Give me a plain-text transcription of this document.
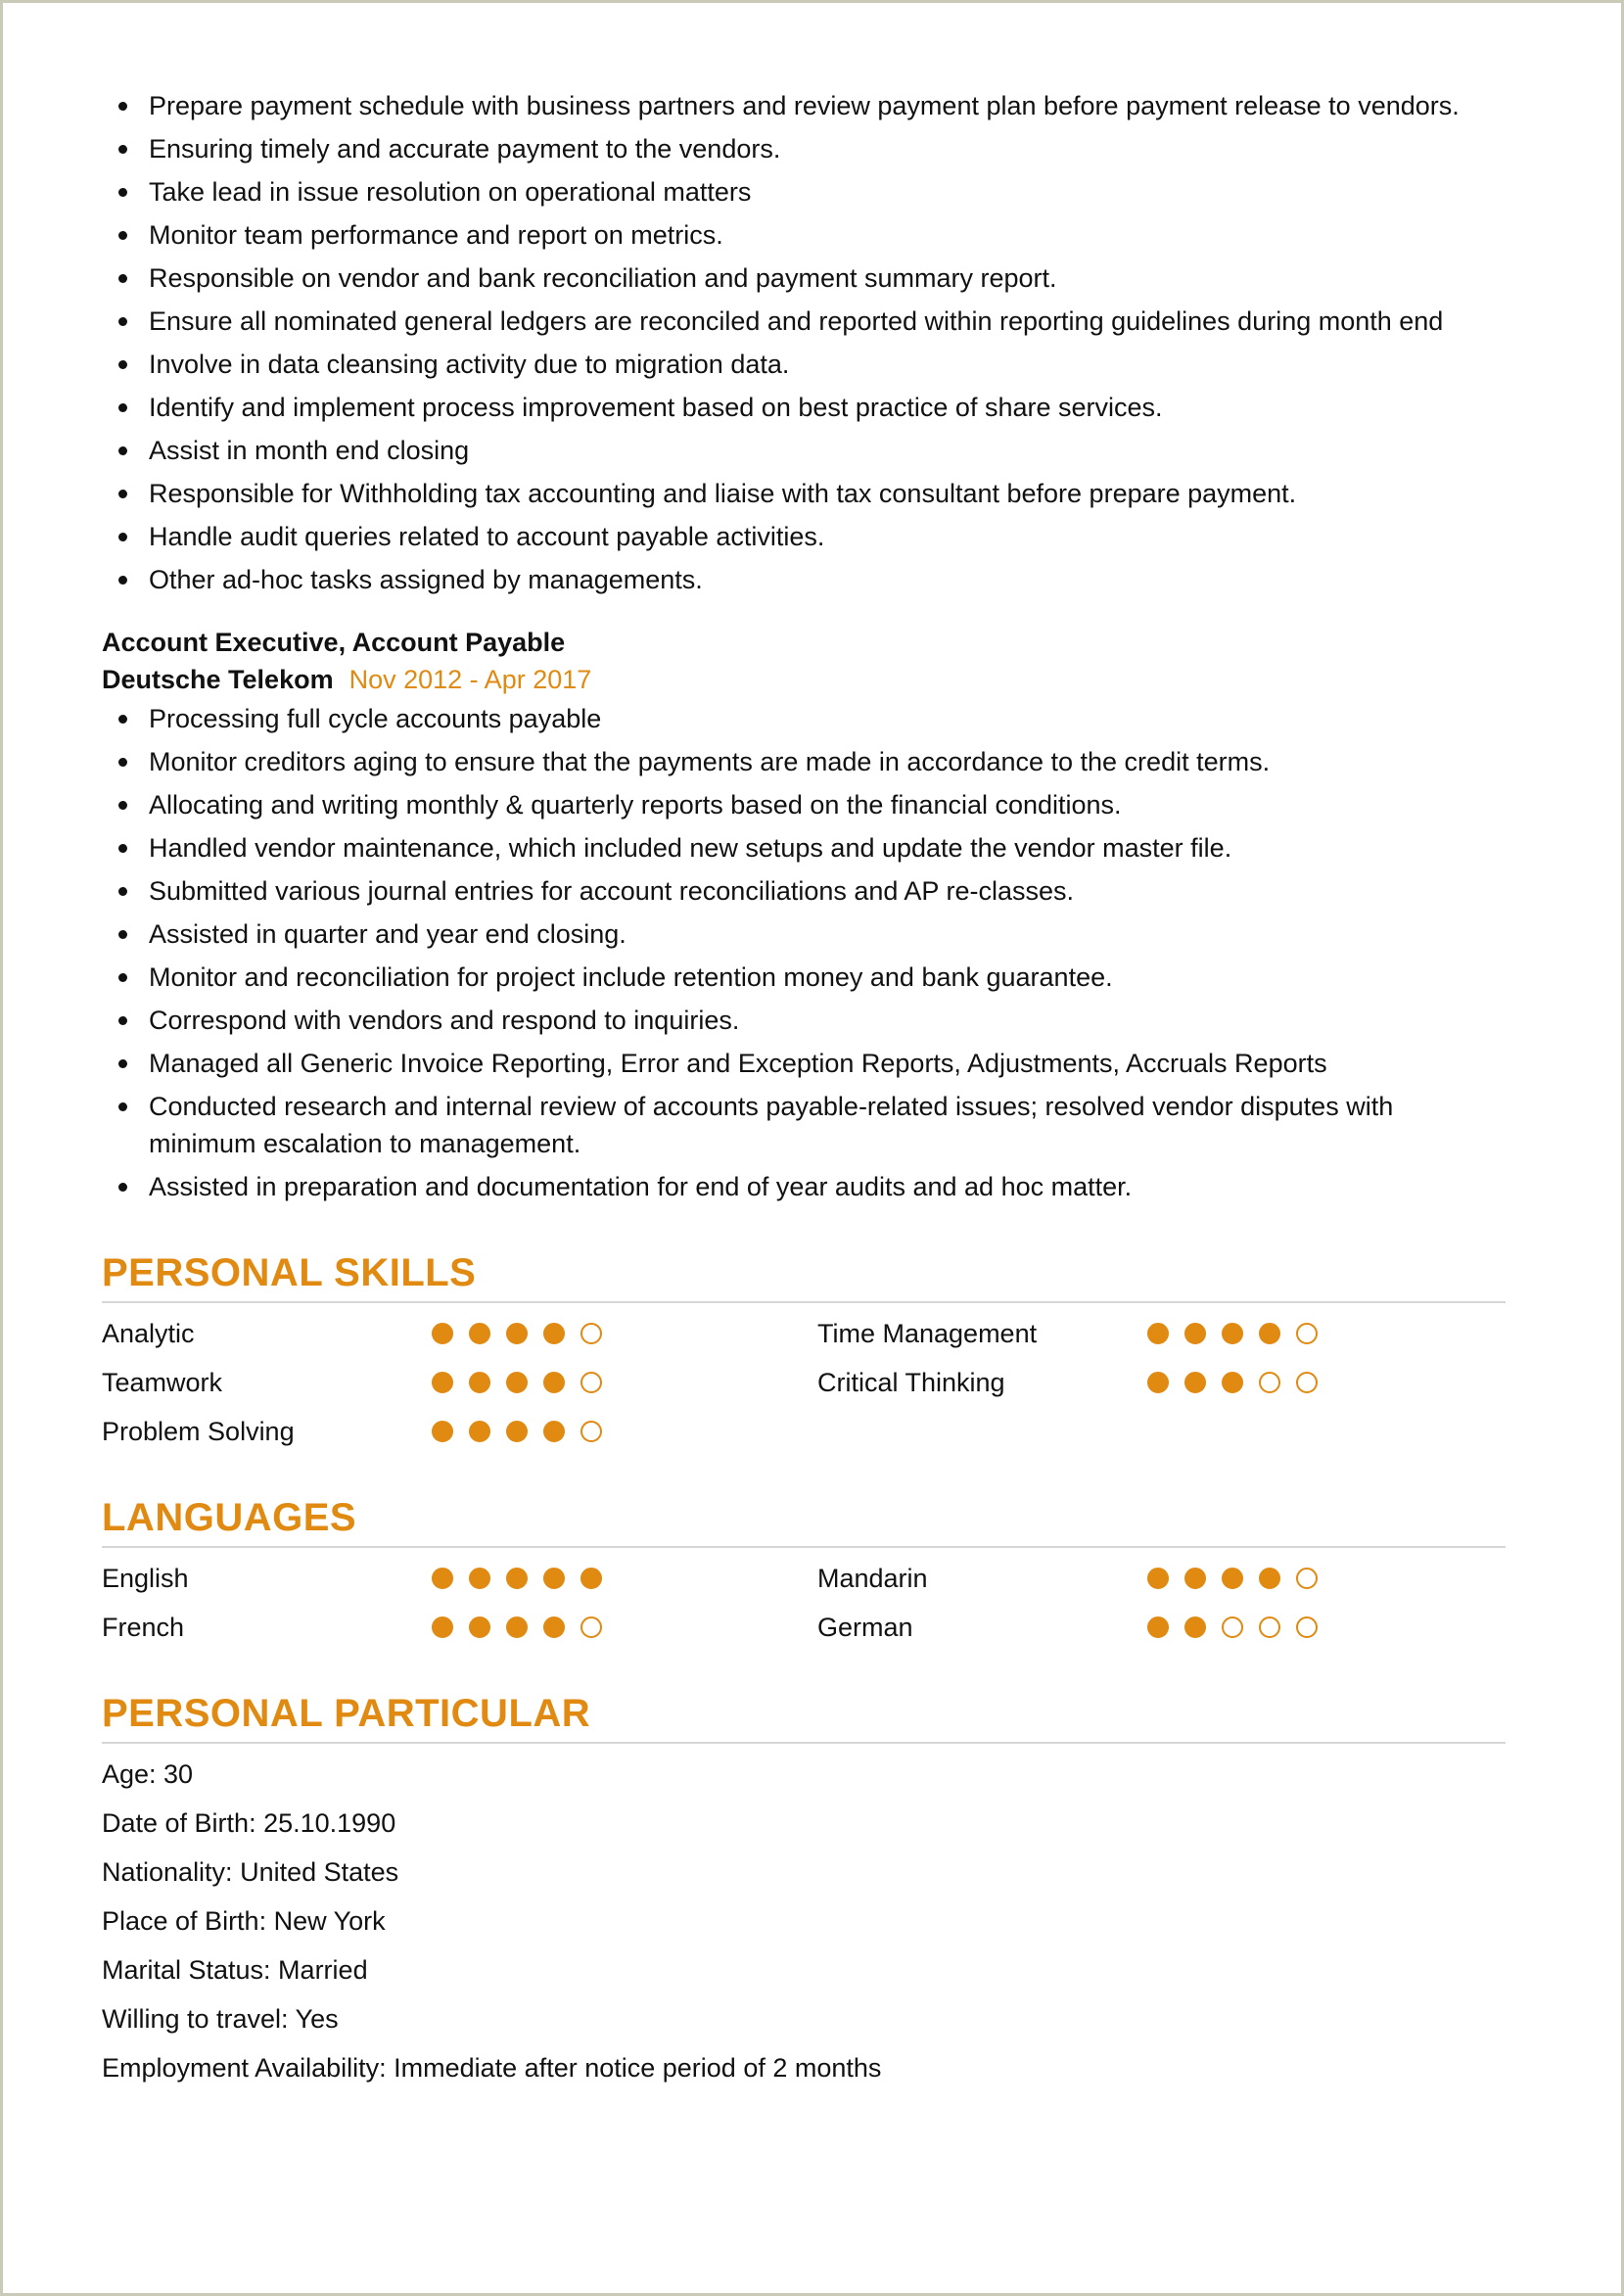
Prepare payment schedule with business partners and review payment plan before payment release to vendors.
Ensuring timely and accurate payment to the vendors.
Take lead in issue resolution on operational matters
Monitor team performance and report on metrics.
Responsible on vendor and bank reconciliation and payment summary report.
Ensure all nominated general ledgers are reconciled and reported within reporting guidelines during month end
Involve in data cleansing activity due to migration data.
Identify and implement process improvement based on best practice of share services.
Assist in month end closing
Responsible for Withholding tax accounting and liaise with tax consultant before prepare payment.
Handle audit queries related to account payable activities.
Other ad-hoc tasks assigned by managements.
Account Executive, Account Payable
Deutsche Telekom Nov 2012 - Apr 2017
Processing full cycle accounts payable
Monitor creditors aging to ensure that the payments are made in accordance to the credit terms.
Allocating and writing monthly & quarterly reports based on the financial conditions.
Handled vendor maintenance, which included new setups and update the vendor master file.
Submitted various journal entries for account reconciliations and AP re-classes.
Assisted in quarter and year end closing.
Monitor and reconciliation for project include retention money and bank guarantee.
Correspond with vendors and respond to inquiries.
Managed all Generic Invoice Reporting, Error and Exception Reports, Adjustments, Accruals Reports
Conducted research and internal review of accounts payable-related issues; resolved vendor disputes with minimum escalation to management.
Assisted in preparation and documentation for end of year audits and ad hoc matter.
PERSONAL SKILLS
Analytic	Time Management
Teamwork	Critical Thinking
Problem Solving
LANGUAGES
English	Mandarin
French	German
PERSONAL PARTICULAR
Age: 30
Date of Birth: 25.10.1990
Nationality: United States
Place of Birth: New York
Marital Status: Married
Willing to travel: Yes
Employment Availability: Immediate after notice period of 2 months
